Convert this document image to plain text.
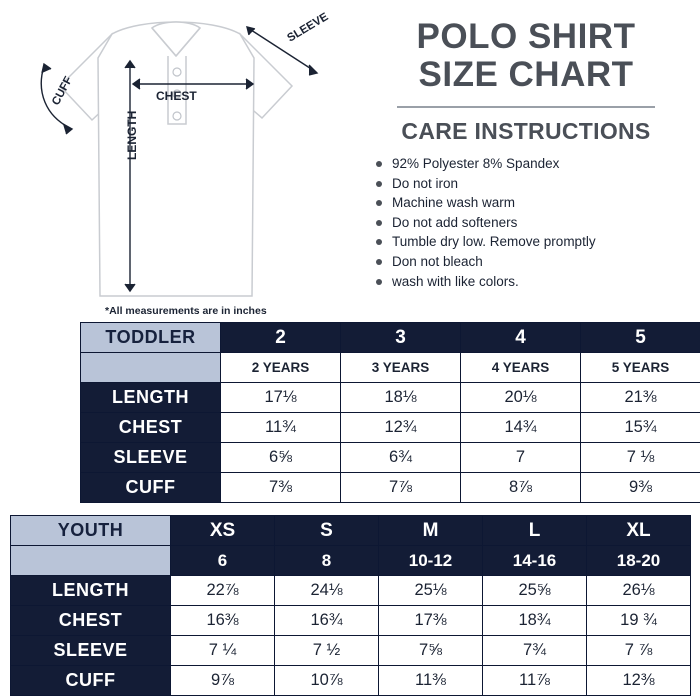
CHEST
LENGTH
SLEEVE
CUFF
*All measurements are in inches
POLO SHIRT
SIZE CHART
CARE INSTRUCTIONS
92% Polyester 8% Spandex
Do not iron
Machine wash warm
Do not add softeners
Tumble dry low. Remove promptly
Don not bleach
wash with like colors.
TODDLER	2	3	4	5
	2 YEARS	3 YEARS	4 YEARS	5 YEARS
LENGTH	17⅛	18⅛	20⅛	21⅜
CHEST	11¾	12¾	14¾	15¾
SLEEVE	6⅝	6¾	7	7 ⅛
CUFF	7⅜	7⅞	8⅞	9⅜
YOUTH	XS	S	M	L	XL
	6	8	10-12	14-16	18-20
LENGTH	22⅞	24⅛	25⅛	25⅝	26⅛
CHEST	16⅜	16¾	17⅜	18¾	19 ¾
SLEEVE	7 ¼	7 ½	7⅝	7¾	7 ⅞
CUFF	9⅞	10⅞	11⅜	11⅞	12⅜
